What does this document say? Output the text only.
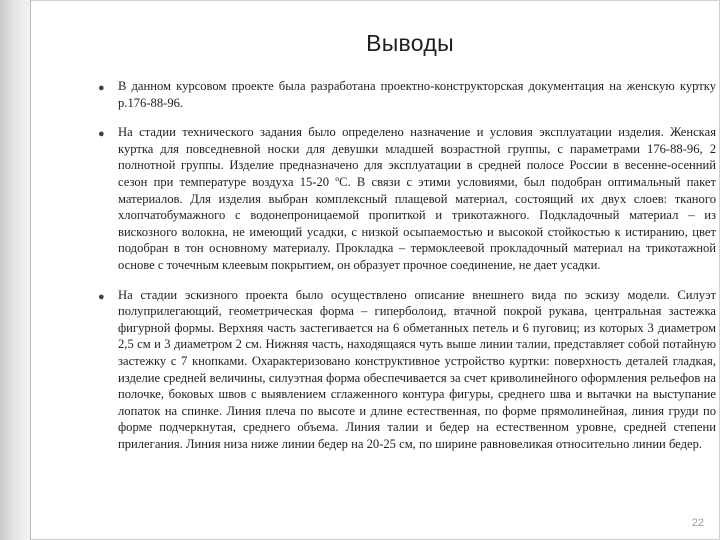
Выводы
● В данном курсовом проекте была разработана проектно-конструкторская документация на женскую куртку р.176-88-96.
● На стадии технического задания было определено назначение и условия эксплуатации изделия. Женская куртка для повседневной носки для девушки младшей возрастной группы, с параметрами 176-88-96, 2 полнотной группы. Изделие предназначено для эксплуатации в средней полосе России в весенне-осенний сезон при температуре воздуха 15-20 ºС. В связи с этими условиями, был подобран оптимальный пакет материалов. Для изделия выбран комплексный плащевой материал, состоящий их двух слоев: тканого хлопчатобумажного с водонепроницаемой пропиткой и трикотажного. Подкладочный материал – из вискозного волокна, не имеющий усадки, с низкой осыпаемостью и высокой стойкостью к истиранию, цвет подобран в тон основному материалу. Прокладка – термоклеевой прокладочный материал на трикотажной основе с точечным клеевым покрытием, он образует прочное соединение, не дает усадки.
● На стадии эскизного проекта было осуществлено описание внешнего вида по эскизу модели. Силуэт полуприлегающий, геометрическая форма – гиперболоид, втачной покрой рукава, центральная застежка фигурной формы. Верхняя часть застегивается на 6 обметанных петель и 6 пуговиц; из которых 3 диаметром 2,5 см и 3 диаметром 2 см. Нижняя часть, находящаяся чуть выше линии талии, представляет собой потайную застежку с 7 кнопками. Охарактеризовано конструктивное устройство куртки: поверхность деталей гладкая, изделие средней величины, силуэтная форма обеспечивается за счет криволинейного оформления рельефов на полочке, боковых швов с выявлением сглаженного контура фигуры, среднего шва и вытачки на выступание лопаток на спинке. Линия плеча по высоте и длине естественная, по форме прямолинейная, линия груди по форме подчеркнутая, среднего объема. Линия талии и бедер на естественном уровне, средней степени прилегания. Линия низа ниже линии бедер на 20-25 см, по ширине равновеликая относительно линии бедер.
22
